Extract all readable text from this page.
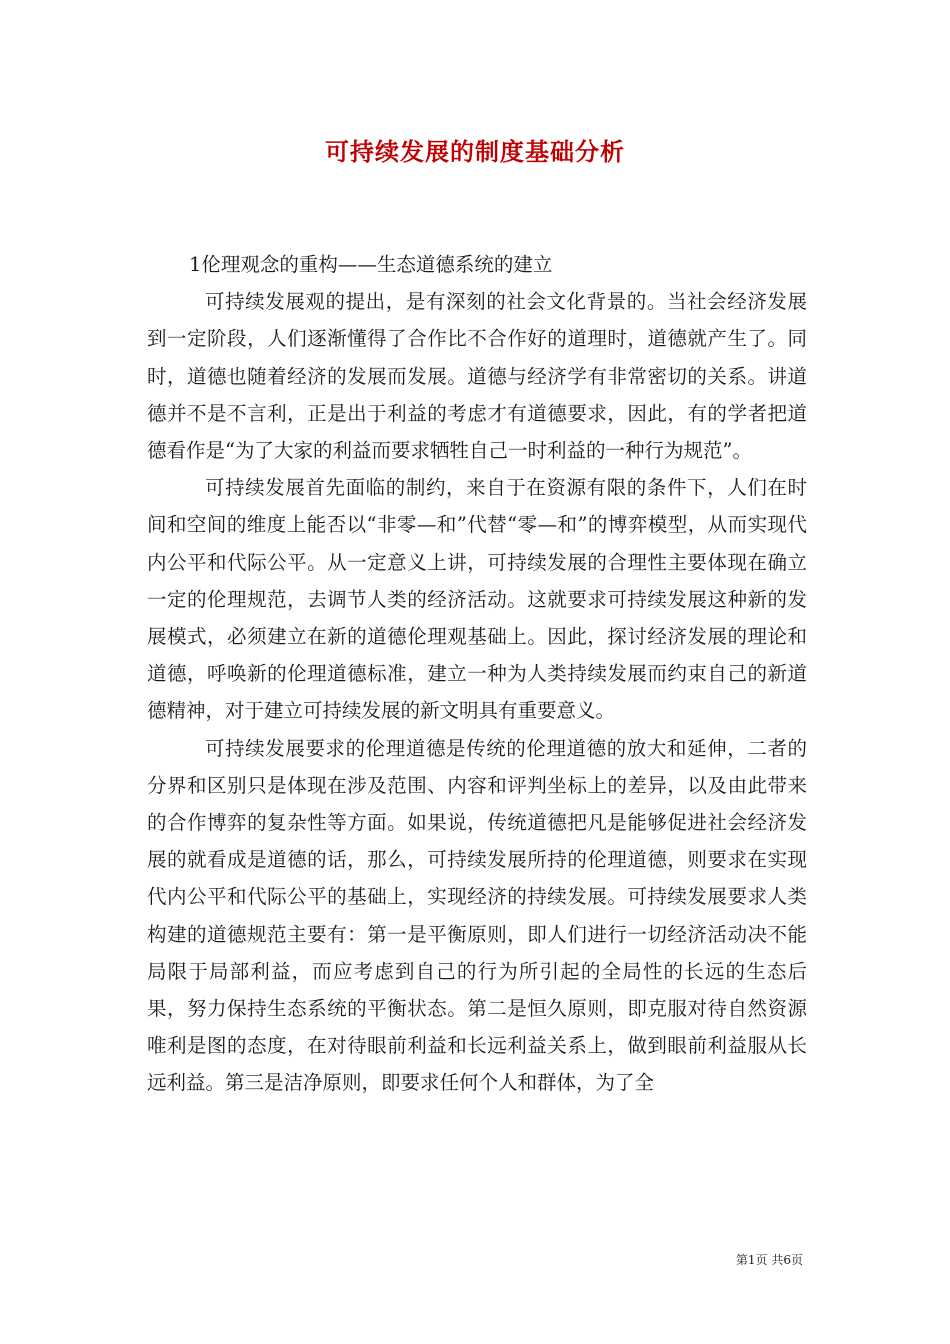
可持续发展的制度基础分析

1伦理观念的重构——生态道德系统的建立

可持续发展观的提出，是有深刻的社会文化背景的。当社会经济发展到一定阶段，人们逐渐懂得了合作比不合作好的道理时，道德就产生了。同时，道德也随着经济的发展而发展。道德与经济学有非常密切的关系。讲道德并不是不言利，正是出于利益的考虑才有道德要求，因此，有的学者把道德看作是“为了大家的利益而要求牺牲自己一时利益的一种行为规范”。

可持续发展首先面临的制约，来自于在资源有限的条件下，人们在时间和空间的维度上能否以“非零—和”代替“零—和”的博弈模型，从而实现代内公平和代际公平。从一定意义上讲，可持续发展的合理性主要体现在确立一定的伦理规范，去调节人类的经济活动。这就要求可持续发展这种新的发展模式，必须建立在新的道德伦理观基础上。因此，探讨经济发展的理论和道德，呼唤新的伦理道德标准，建立一种为人类持续发展而约束自己的新道德精神，对于建立可持续发展的新文明具有重要意义。

可持续发展要求的伦理道德是传统的伦理道德的放大和延伸，二者的分界和区别只是体现在涉及范围、内容和评判坐标上的差异，以及由此带来的合作博弈的复杂性等方面。如果说，传统道德把凡是能够促进社会经济发展的就看成是道德的话，那么，可持续发展所持的伦理道德，则要求在实现代内公平和代际公平的基础上，实现经济的持续发展。可持续发展要求人类构建的道德规范主要有：第一是平衡原则，即人们进行一切经济活动决不能局限于局部利益，而应考虑到自己的行为所引起的全局性的长远的生态后果，努力保持生态系统的平衡状态。第二是恒久原则，即克服对待自然资源唯利是图的态度，在对待眼前利益和长远利益关系上，做到眼前利益服从长远利益。第三是洁净原则，即要求任何个人和群体，为了全

第1页 共6页
